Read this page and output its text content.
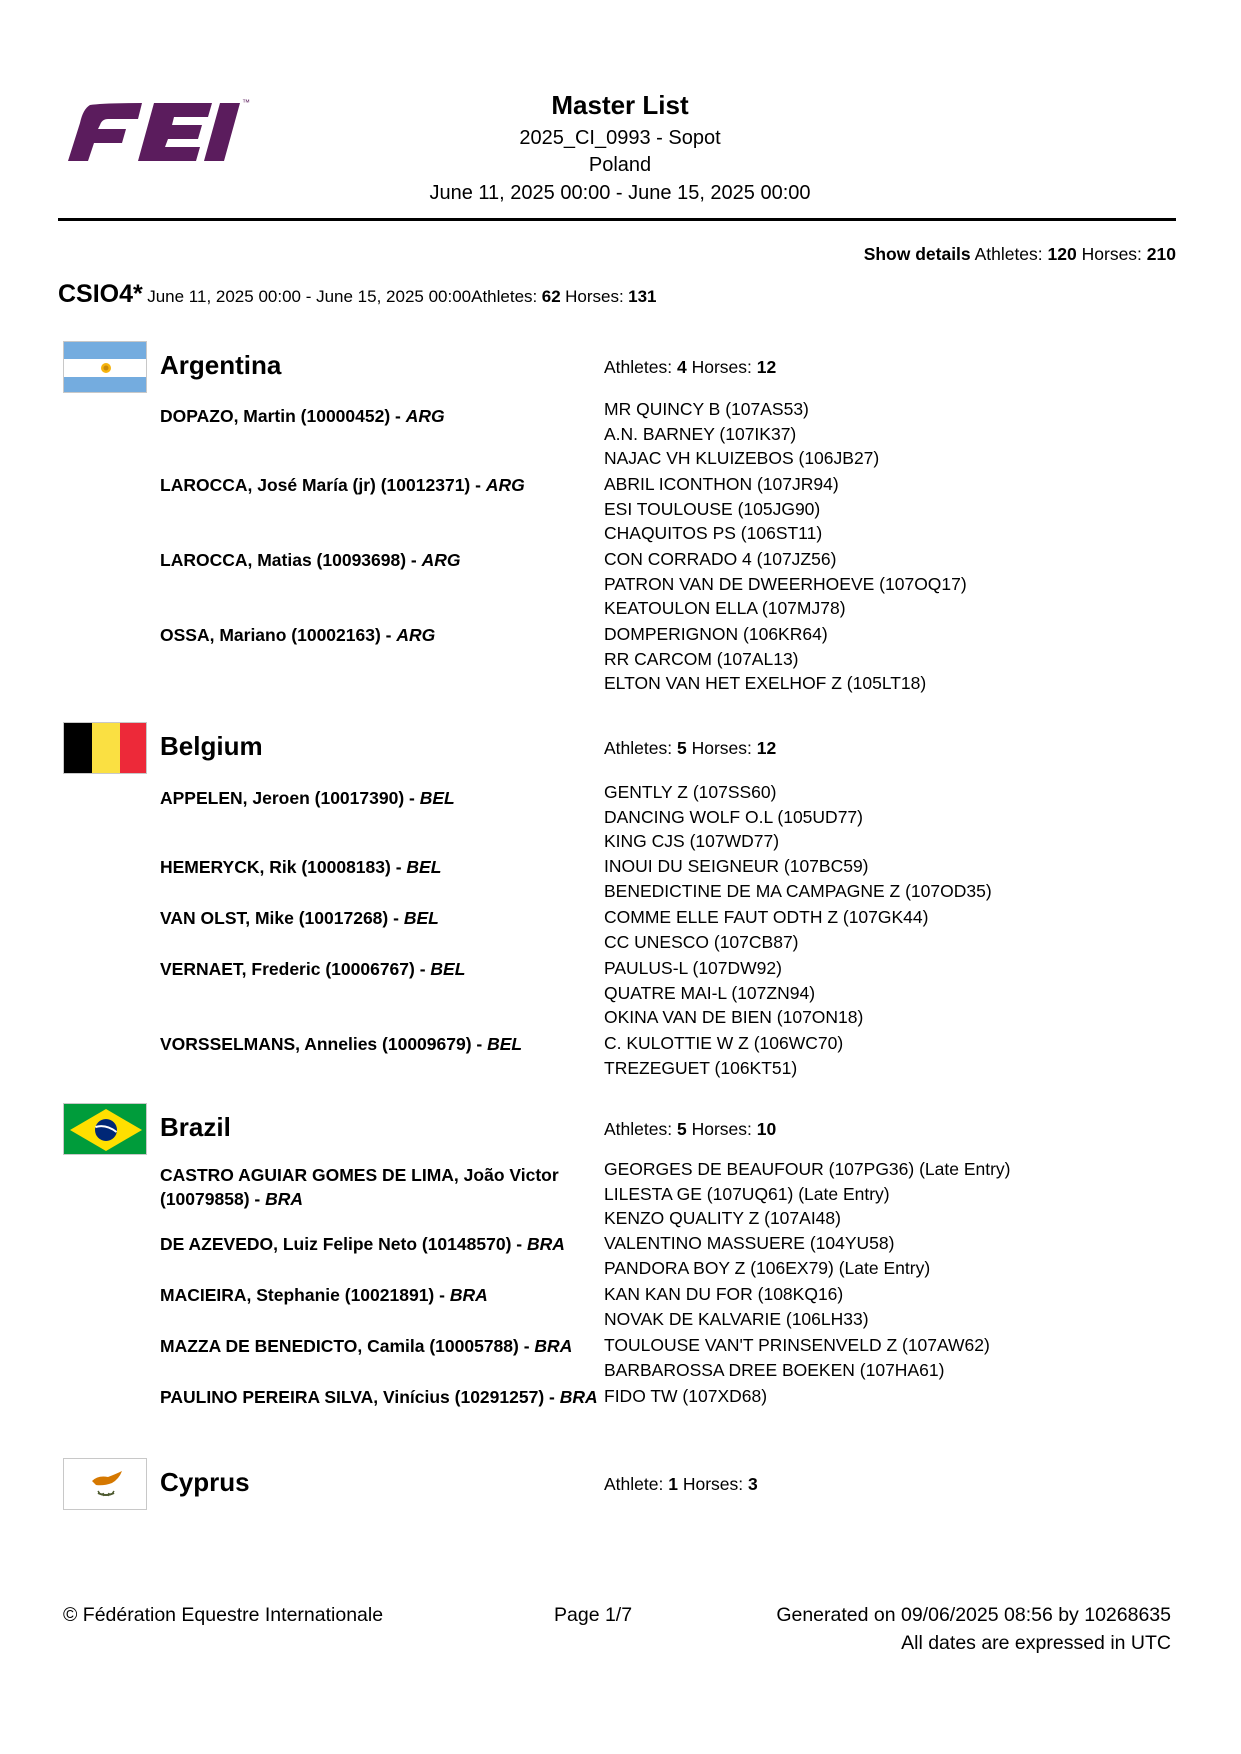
™	Master List
2025_CI_0993 - Sopot
Poland
June 11, 2025 00:00 - June 15, 2025 00:00
Show details Athletes: 120 Horses: 210
CSIO4* June 11, 2025 00:00 - June 15, 2025 00:00Athletes: 62 Horses: 131
Argentina	Athletes: 4 Horses: 12
DOPAZO, Martin (10000452) - ARG	MR QUINCY B (107AS53)
A.N. BARNEY (107IK37)
NAJAC VH KLUIZEBOS (106JB27)
LAROCCA, José María (jr) (10012371) - ARG	ABRIL ICONTHON (107JR94)
ESI TOULOUSE (105JG90)
CHAQUITOS PS (106ST11)
LAROCCA, Matias (10093698) - ARG	CON CORRADO 4 (107JZ56)
PATRON VAN DE DWEERHOEVE (107OQ17)
KEATOULON ELLA (107MJ78)
OSSA, Mariano (10002163) - ARG	DOMPERIGNON (106KR64)
RR CARCOM (107AL13)
ELTON VAN HET EXELHOF Z (105LT18)
Belgium	Athletes: 5 Horses: 12
APPELEN, Jeroen (10017390) - BEL	GENTLY Z (107SS60)
DANCING WOLF O.L (105UD77)
KING CJS (107WD77)
HEMERYCK, Rik (10008183) - BEL	INOUI DU SEIGNEUR (107BC59)
BENEDICTINE DE MA CAMPAGNE Z (107OD35)
VAN OLST, Mike (10017268) - BEL	COMME ELLE FAUT ODTH Z (107GK44)
CC UNESCO (107CB87)
VERNAET, Frederic (10006767) - BEL	PAULUS-L (107DW92)
QUATRE MAI-L (107ZN94)
OKINA VAN DE BIEN (107ON18)
VORSSELMANS, Annelies (10009679) - BEL	C. KULOTTIE W Z (106WC70)
TREZEGUET (106KT51)
Brazil	Athletes: 5 Horses: 10
CASTRO AGUIAR GOMES DE LIMA, João Victor (10079858) - BRA
GEORGES DE BEAUFOUR (107PG36) (Late Entry)
LILESTA GE (107UQ61) (Late Entry)
KENZO QUALITY Z (107AI48)
DE AZEVEDO, Luiz Felipe Neto (10148570) - BRA	VALENTINO MASSUERE (104YU58)
PANDORA BOY Z (106EX79) (Late Entry)
MACIEIRA, Stephanie (10021891) - BRA	KAN KAN DU FOR (108KQ16)
NOVAK DE KALVARIE (106LH33)
MAZZA DE BENEDICTO, Camila (10005788) - BRA	TOULOUSE VAN'T PRINSENVELD Z (107AW62)
BARBAROSSA DREE BOEKEN (107HA61)
PAULINO PEREIRA SILVA, Vinícius (10291257) - BRA FIDO TW (107XD68)
Cyprus	Athlete: 1 Horses: 3
© Fédération Equestre Internationale	Page 1/7	Generated on 09/06/2025 08:56 by 10268635
All dates are expressed in UTC
